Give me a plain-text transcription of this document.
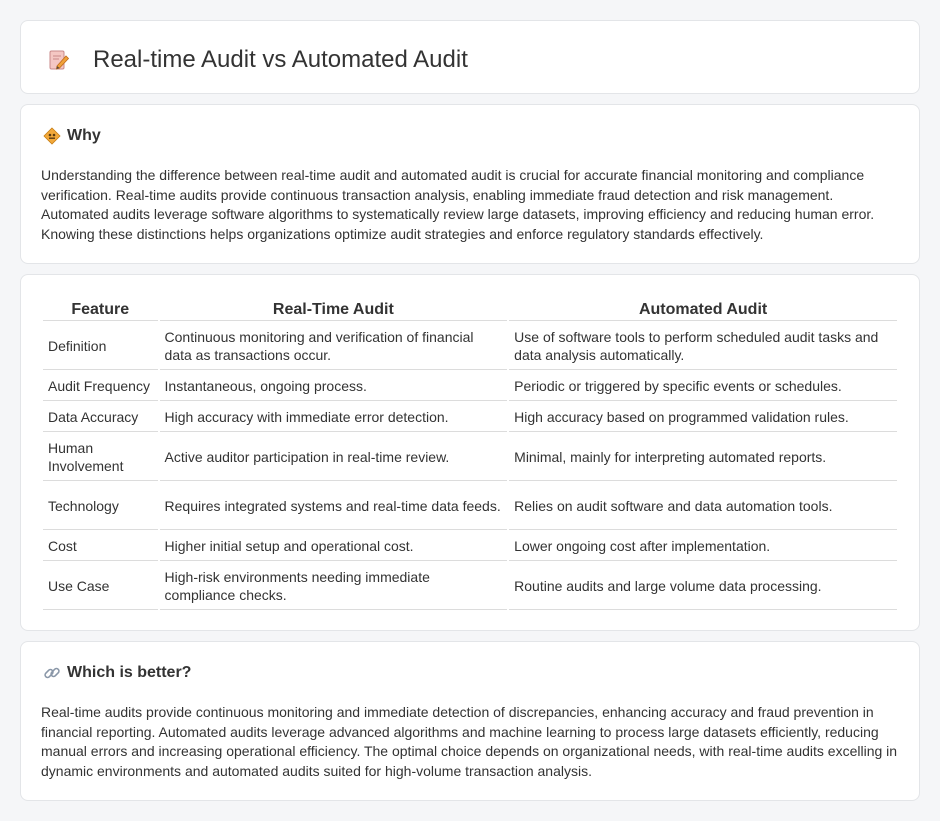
Real-time Audit vs Automated Audit
Why

Understanding the difference between real-time audit and automated audit is crucial for accurate financial monitoring and compliance verification. Real-time audits provide continuous transaction analysis, enabling immediate fraud detection and risk management. Automated audits leverage software algorithms to systematically review large datasets, improving efficiency and reducing human error. Knowing these distinctions helps organizations optimize audit strategies and enforce regulatory standards effectively.

Feature	Real-Time Audit	Automated Audit
Definition	Continuous monitoring and verification of financial data as transactions occur.	Use of software tools to perform scheduled audit tasks and data analysis automatically.
Audit Frequency	Instantaneous, ongoing process.	Periodic or triggered by specific events or schedules.
Data Accuracy	High accuracy with immediate error detection.	High accuracy based on programmed validation rules.
Human Involvement	Active auditor participation in real-time review.	Minimal, mainly for interpreting automated reports.
Technology	Requires integrated systems and real-time data feeds.	Relies on audit software and data automation tools.
Cost	Higher initial setup and operational cost.	Lower ongoing cost after implementation.
Use Case	High-risk environments needing immediate compliance checks.	Routine audits and large volume data processing.
Which is better?

Real-time audits provide continuous monitoring and immediate detection of discrepancies, enhancing accuracy and fraud prevention in financial reporting. Automated audits leverage advanced algorithms and machine learning to process large datasets efficiently, reducing manual errors and increasing operational efficiency. The optimal choice depends on organizational needs, with real-time audits excelling in dynamic environments and automated audits suited for high-volume transaction analysis.
